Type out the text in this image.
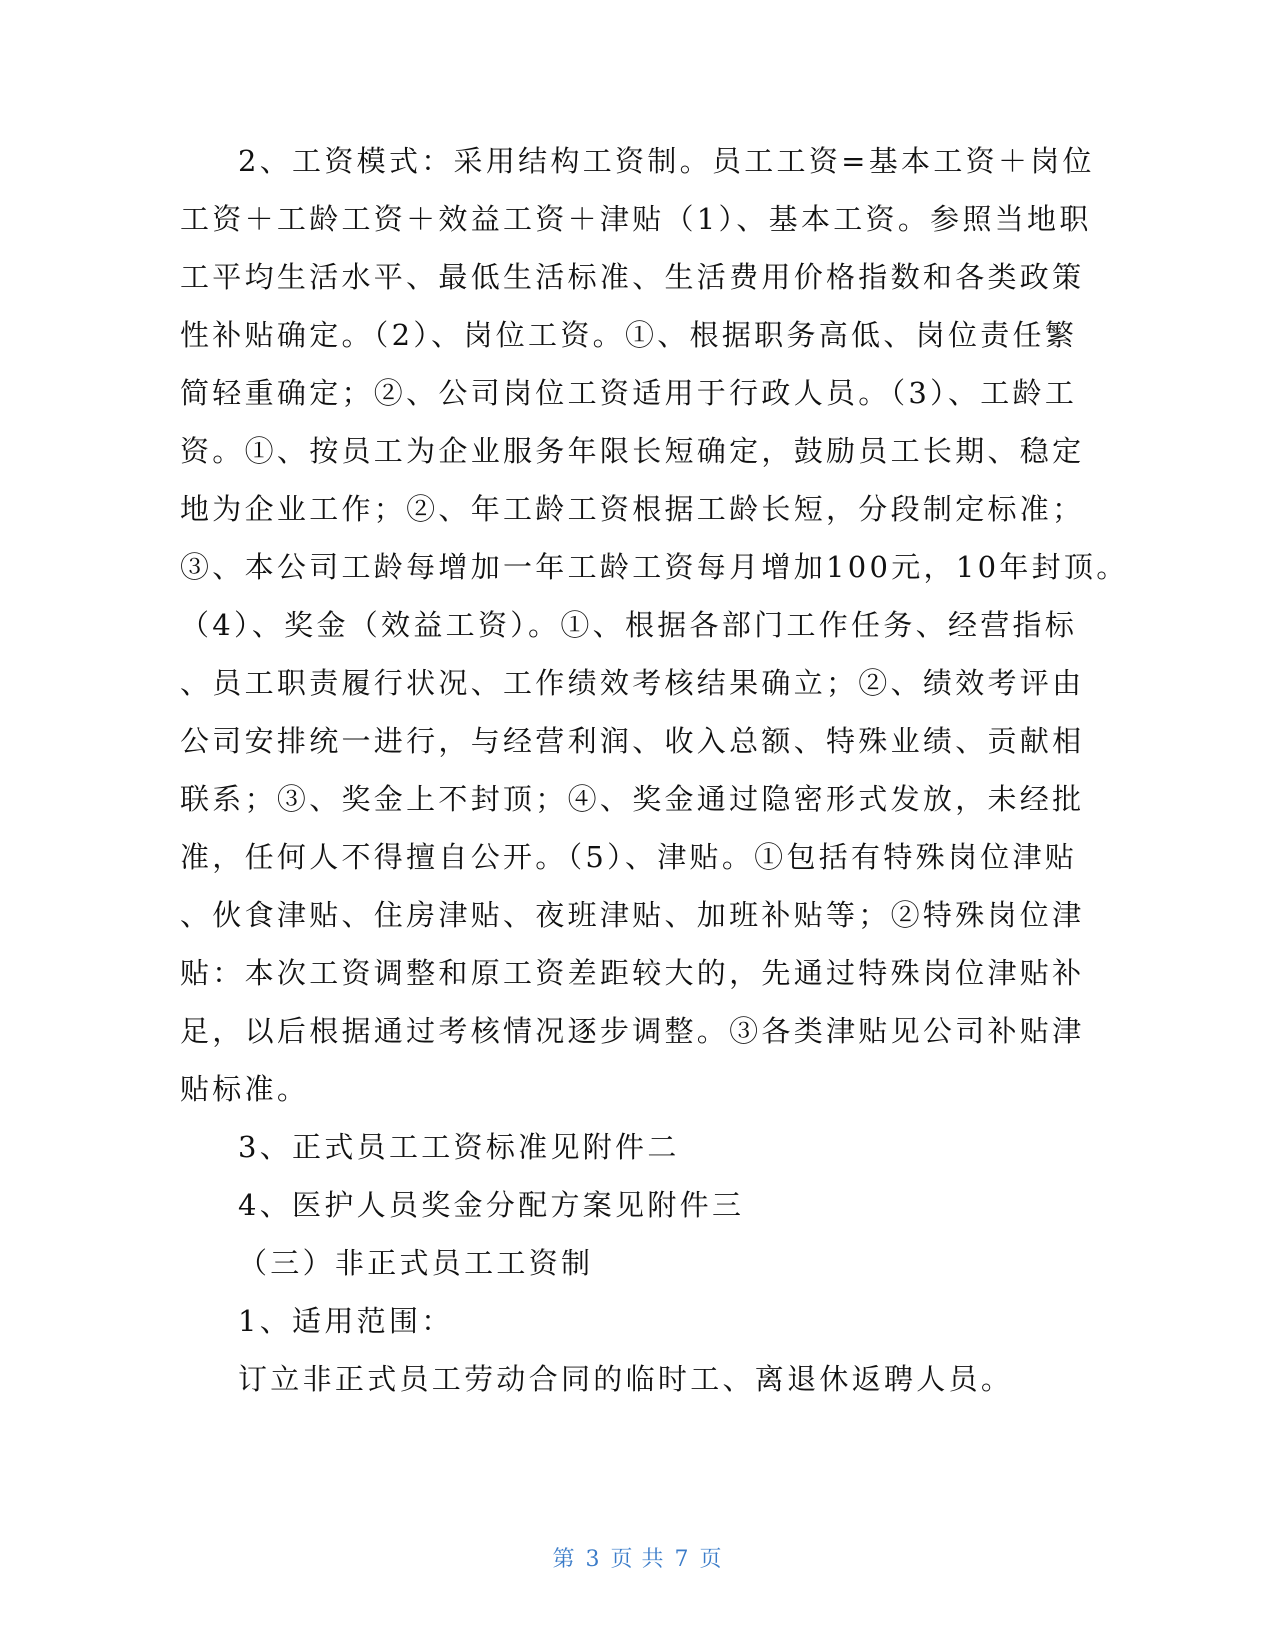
2、工资模式：采用结构工资制。员工工资=基本工资＋岗位
工资＋工龄工资＋效益工资＋津贴（1）、基本工资。参照当地职
工平均生活水平、最低生活标准、生活费用价格指数和各类政策
性补贴确定。（2）、岗位工资。①、根据职务高低、岗位责任繁
简轻重确定；②、公司岗位工资适用于行政人员。（3）、工龄工
资。①、按员工为企业服务年限长短确定，鼓励员工长期、稳定
地为企业工作；②、年工龄工资根据工龄长短，分段制定标准；
③、本公司工龄每增加一年工龄工资每月增加100元，10年封顶。
（4）、奖金（效益工资）。①、根据各部门工作任务、经营指标
、员工职责履行状况、工作绩效考核结果确立；②、绩效考评由
公司安排统一进行，与经营利润、收入总额、特殊业绩、贡献相
联系；③、奖金上不封顶；④、奖金通过隐密形式发放，未经批
准，任何人不得擅自公开。（5）、津贴。①包括有特殊岗位津贴
、伙食津贴、住房津贴、夜班津贴、加班补贴等；②特殊岗位津
贴：本次工资调整和原工资差距较大的，先通过特殊岗位津贴补
足，以后根据通过考核情况逐步调整。③各类津贴见公司补贴津
贴标准。
3、正式员工工资标准见附件二
4、医护人员奖金分配方案见附件三
（三）非正式员工工资制
1、适用范围：
订立非正式员工劳动合同的临时工、离退休返聘人员。
第 3 页 共 7 页
